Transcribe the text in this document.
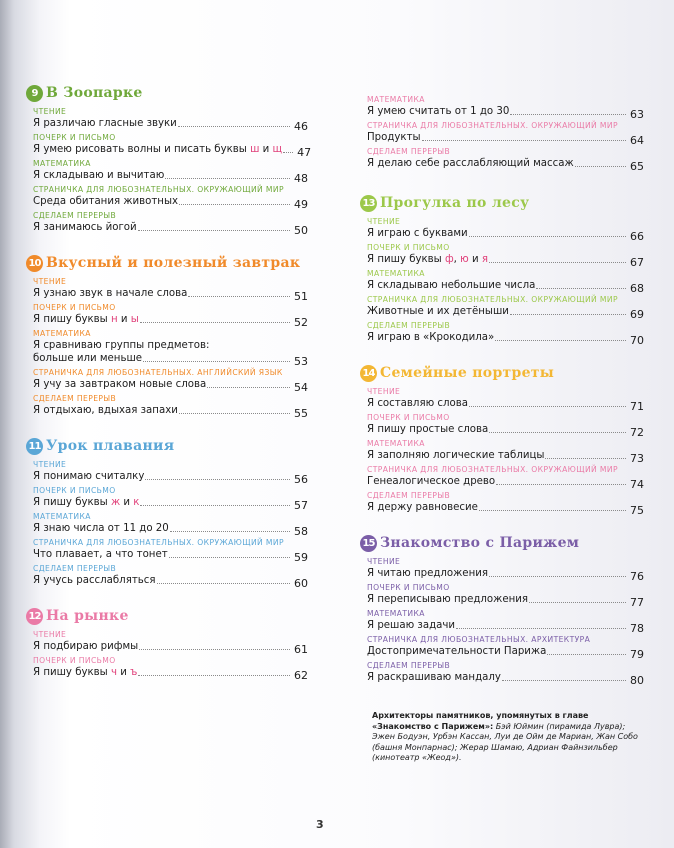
9 В Зоопарке
ЧТЕНИЕ
Я различаю гласные звуки	46
ПОЧЕРК И ПИСЬМО
Я умею рисовать волны и писать буквы ш и щ 47
МАТЕМАТИКА
Я складываю и вычитаю	48
СТРАНИЧКА ДЛЯ ЛЮБОЗНАТЕЛЬНЫХ. ОКРУЖАЮЩИЙ МИР
Среда обитания животных	49
СДЕЛАЕМ ПЕРЕРЫВ
Я занимаюсь йогой	50
10 Вкусный и полезный завтрак
ЧТЕНИЕ
Я узнаю звук в начале слова	51
ПОЧЕРК И ПИСЬМО
Я пишу буквы н и ы	52
МАТЕМАТИКА
Я сравниваю группы предметов:
больше или меньше	53
СТРАНИЧКА ДЛЯ ЛЮБОЗНАТЕЛЬНЫХ. АНГЛИЙСКИЙ ЯЗЫК
Я учу за завтраком новые слова	54
СДЕЛАЕМ ПЕРЕРЫВ
Я отдыхаю, вдыхая запахи	55
11 Урок плавания
ЧТЕНИЕ
Я понимаю считалку	56
ПОЧЕРК И ПИСЬМО
Я пишу буквы ж и к	57
МАТЕМАТИКА
Я знаю числа от 11 до 20	58
СТРАНИЧКА ДЛЯ ЛЮБОЗНАТЕЛЬНЫХ. ОКРУЖАЮЩИЙ МИР
Что плавает, а что тонет	59
СДЕЛАЕМ ПЕРЕРЫВ
Я учусь расслабляться	60
12 На рынке
ЧТЕНИЕ
Я подбираю рифмы	61
ПОЧЕРК И ПИСЬМО
Я пишу буквы ч и ъ	62
МАТЕМАТИКА
Я умею считать от 1 до 30	63
СТРАНИЧКА ДЛЯ ЛЮБОЗНАТЕЛЬНЫХ. ОКРУЖАЮЩИЙ МИР
Продукты	64
СДЕЛАЕМ ПЕРЕРЫВ
Я делаю себе расслабляющий массаж	65
13 Прогулка по лесу
ЧТЕНИЕ
Я играю с буквами	66
ПОЧЕРК И ПИСЬМО
Я пишу буквы ф, ю и я	67
МАТЕМАТИКА
Я складываю небольшие числа	68
СТРАНИЧКА ДЛЯ ЛЮБОЗНАТЕЛЬНЫХ. ОКРУЖАЮЩИЙ МИР
Животные и их детёныши	69
СДЕЛАЕМ ПЕРЕРЫВ
Я играю в «Крокодила»	70
14 Семейные портреты
ЧТЕНИЕ
Я составляю слова	71
ПОЧЕРК И ПИСЬМО
Я пишу простые слова	72
МАТЕМАТИКА
Я заполняю логические таблицы	73
СТРАНИЧКА ДЛЯ ЛЮБОЗНАТЕЛЬНЫХ. ОКРУЖАЮЩИЙ МИР
Генеалогическое древо	74
СДЕЛАЕМ ПЕРЕРЫВ
Я держу равновесие	75
15 Знакомство с Парижем
ЧТЕНИЕ
Я читаю предложения	76
ПОЧЕРК И ПИСЬМО
Я переписываю предложения	77
МАТЕМАТИКА
Я решаю задачи	78
СТРАНИЧКА ДЛЯ ЛЮБОЗНАТЕЛЬНЫХ. АРХИТЕКТУРА
Достопримечательности Парижа	79
СДЕЛАЕМ ПЕРЕРЫВ
Я раскрашиваю мандалу	80
Архитекторы памятников, упомянутых в главе «Знакомство с Парижем»: Бэй Юймин (пирамида Лувра); Эжен Бодуэн, Урбэн Кассан, Луи де Ойм де Мариан, Жан Собо (башня Монпарнас); Жерар Шамаю, Адриан Файнзильбер (кинотеатр «Жеод»).
3
